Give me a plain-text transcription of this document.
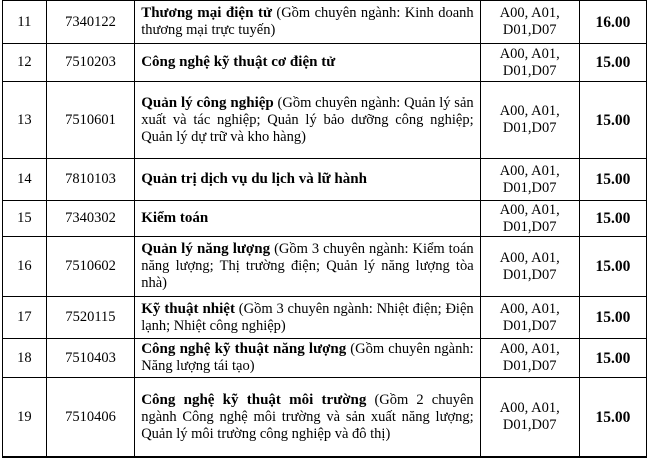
11	7340122	Thương mại điện tử (Gồm chuyên ngành: Kinh doanh thương mại trực tuyến)	A00, A01, D01,D07	16.00
12	7510203	Công nghệ kỹ thuật cơ điện tử	A00, A01, D01,D07	15.00
13	7510601	Quản lý công nghiệp (Gồm chuyên ngành: Quản lý sản xuất và tác nghiệp; Quản lý bảo dưỡng công nghiệp; Quản lý dự trữ và kho hàng)	A00, A01, D01,D07	15.00
14	7810103	Quản trị dịch vụ du lịch và lữ hành	A00, A01, D01,D07	15.00
15	7340302	Kiểm toán	A00, A01, D01,D07	15.00
16	7510602	Quản lý năng lượng (Gồm 3 chuyên ngành: Kiểm toán năng lượng; Thị trường điện; Quản lý năng lượng tòa nhà)	A00, A01, D01,D07	15.00
17	7520115	Kỹ thuật nhiệt (Gồm 3 chuyên ngành: Nhiệt điện; Điện lạnh; Nhiệt công nghiệp)	A00, A01, D01,D07	15.00
18	7510403	Công nghệ kỹ thuật năng lượng (Gồm chuyên ngành: Năng lượng tái tạo)	A00, A01, D01,D07	15.00
19	7510406	Công nghệ kỹ thuật môi trường (Gồm 2 chuyên ngành Công nghệ môi trường và sản xuất năng lượng; Quản lý môi trường công nghiệp và đô thị)	A00, A01, D01,D07	15.00
